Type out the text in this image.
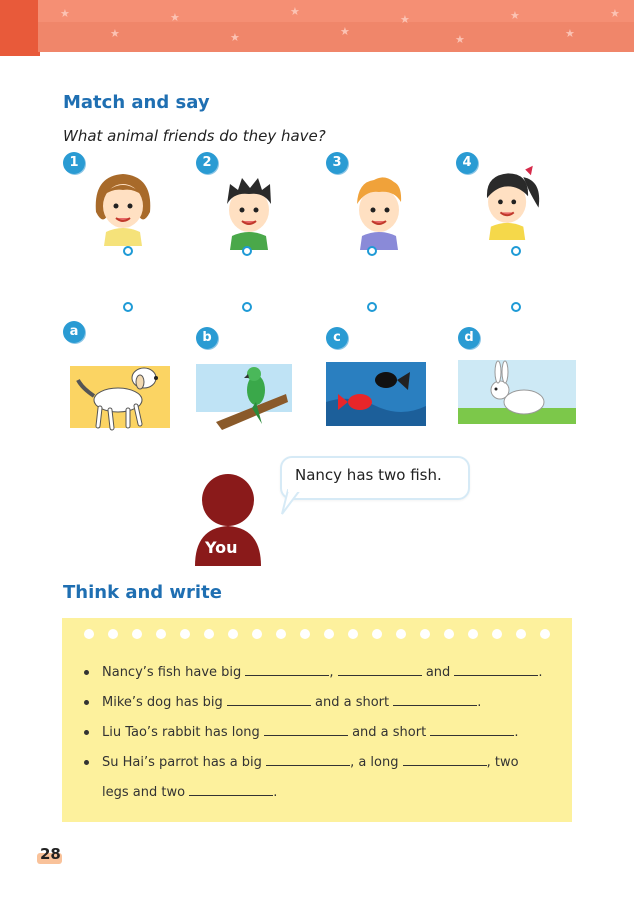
★
★
★
★
★
★
★
★
★
★
★
Match and say
What animal friends do they have?
1	2	3	4
a	b	c	d
You
Nancy has two fish.
Think and write
Nancy’s fish have big	,	and	.
Mike’s dog has big	and a short	.
Liu Tao’s rabbit has long	and a short	.
Su Hai’s parrot has a big	, a long	, two
legs and two	.
28
